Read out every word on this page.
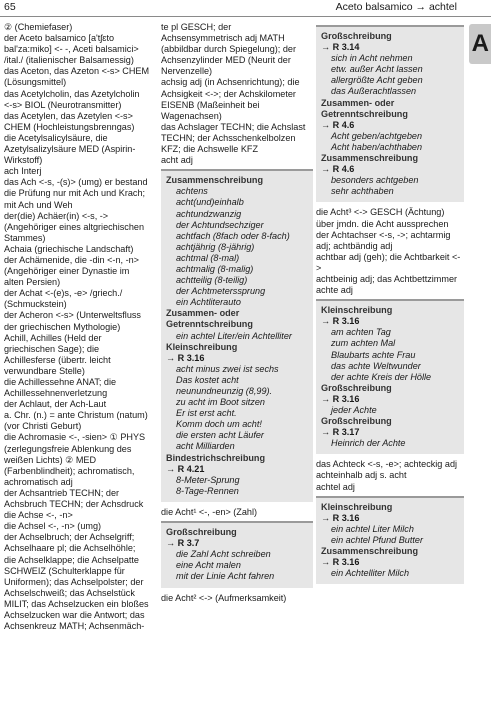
65	Aceto balsamico → achtel
A

② (Chemiefaser)

der Aceto balsamico [a'tʃɛto bal'za:miko] <- -, Aceti balsamici> /ital./ (italienischer Balsamessig)

das Aceton, das Azeton <-s> CHEM (Lösungsmittel)

das Acetylcholin, das Azetylcholin <-s> BIOL (Neurotransmitter)

das Acetylen, das Azetylen <-s> CHEM (Hochleistungsbrenngas)

die Acetylsalicylsäure, die Azetylsalizylsäure MED (Aspirin-Wirkstoff)

ach Interj

das Ach <-s, -(s)> (umg) er bestand die Prüfung nur mit Ach und Krach; mit Ach und Weh

der(die) Achäer(in) <-s, -> (Angehöriger eines altgriechischen Stammes)

Achaia (griechische Landschaft)

der Achämenide, die -din <-n, -n> (Angehöriger einer Dynastie im alten Persien)

der Achat <-(e)s, -e> /griech./ (Schmuckstein)

der Acheron <-s> (Unterweltsfluss der griechischen Mythologie)

Achill, Achilles (Held der griechischen Sage); die Achillesferse (übertr. leicht verwundbare Stelle)

die Achillessehne ANAT; die Achillessehnenverletzung

der Achlaut, der Ach-Laut

a. Chr. (n.) = ante Christum (natum) (vor Christi Geburt)

die Achromasie <-, -sien> ① PHYS (zerlegungsfreie Ablenkung des weißen Lichts) ② MED (Farbenblindheit); achromatisch, achromatisch adj

der Achsantrieb TECHN; der Achsbruch TECHN; der Achsdruck

die Achse <-, -n>

die Achsel <-, -n> (umg)

der Achselbruch; der Achselgriff; Achselhaare pl; die Achselhöhle; die Achselklappe; die Achselpatte SCHWEIZ (Schulterklappe für Uniformen); das Achselpolster; der Achselschweiß; das Achselstück MILIT; das Achselzucken ein bloßes Achselzucken war die Antwort; das Achsenkreuz MATH; Achsenmäch-

te pl GESCH; der Achsensymmetrisch adj MATH (abbildbar durch Spiegelung); der Achsenzylinder MED (Neurit der Nervenzelle)

achsig adj (in Achsenrichtung); die Achsigkeit <->; der Achskilometer EISENB (Maßeinheit bei Wagenachsen)

das Achslager TECHN; die Achslast TECHN; der Achsschenkelbolzen KFZ; die Achswelle KFZ

acht adj

Zusammenschreibung
achtens
acht(und)einhalb
achtundzwanzig
der Achtundsechziger
achtfach (8fach oder 8-fach)
achtjährig (8-jährig)
achtmal (8-mal)
achtmalig (8-malig)
achtteilig (8-teilig)
der Achtmeterssprung
ein Achtliterauto
Zusammen- oder Getrenntschreibung
ein achtel Liter/ein Achtelliter
Kleinschreibung
→ R 3.16
acht minus zwei ist sechs
Das kostet acht neunundneunzig (8,99).
zu acht im Boot sitzen
Er ist erst acht.
Komm doch um acht!
die ersten acht Läufer
acht Milliarden
Bindestrichschreibung
→ R 4.21
8-Meter-Sprung
8-Tage-Rennen

die Acht¹ <-, -en> (Zahl)

Großschreibung
→ R 3.7
die Zahl Acht schreiben
eine Acht malen
mit der Linie Acht fahren

die Acht² <-> (Aufmerksamkeit)

Großschreibung
→ R 3.14
sich in Acht nehmen
etw. außer Acht lassen
allergrößte Acht geben
das Außerachtlassen
Zusammen- oder Getrenntschreibung
→ R 4.6
Acht geben/achtgeben
Acht haben/achthaben
Zusammenschreibung
→ R 4.6
besonders achtgeben
sehr achthaben

die Acht³ <-> GESCH (Ächtung) über jmdn. die Acht aussprechen

der Achtachser <-s, ->; achtarmig adj; achtbändig adj

achtbar adj (geh); die Achtbarkeit <->

achtbeinig adj; das Achtbettzimmer

achte adj

Kleinschreibung
→ R 3.16
am achten Tag
zum achten Mal
Blaubarts achte Frau
das achte Weltwunder
der achte Kreis der Hölle
Großschreibung
→ R 3.16
jeder Achte
Großschreibung
→ R 3.17
Heinrich der Achte

das Achteck <-s, -e>; achteckig adj

achteinhalb adj s. acht

achtel adj

Kleinschreibung
→ R 3.16
ein achtel Liter Milch
ein achtel Pfund Butter
Zusammenschreibung
→ R 3.16
ein Achtelliter Milch
